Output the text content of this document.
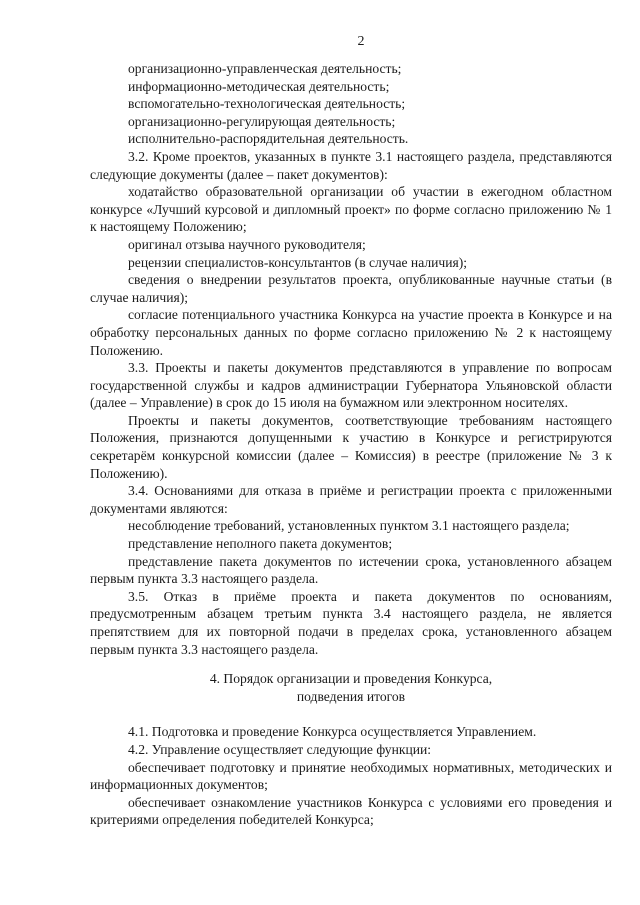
2

организационно-управленческая деятельность;

информационно-методическая деятельность;

вспомогательно-технологическая деятельность;

организационно-регулирующая деятельность;

исполнительно-распорядительная деятельность.

3.2. Кроме проектов, указанных в пункте 3.1 настоящего раздела, представляются следующие документы (далее – пакет документов):

ходатайство образовательной организации об участии в ежегодном областном конкурсе «Лучший курсовой и дипломный проект» по форме согласно приложению № 1 к настоящему Положению;

оригинал отзыва научного руководителя;

рецензии специалистов-консультантов (в случае наличия);

сведения о внедрении результатов проекта, опубликованные научные статьи (в случае наличия);

согласие потенциального участника Конкурса на участие проекта в Конкурсе и на обработку персональных данных по форме согласно приложению № 2 к настоящему Положению.

3.3. Проекты и пакеты документов представляются в управление по вопросам государственной службы и кадров администрации Губернатора Ульяновской области (далее – Управление) в срок до 15 июля на бумажном или электронном носителях.

Проекты и пакеты документов, соответствующие требованиям настоящего Положения, признаются допущенными к участию в Конкурсе и регистрируются секретарём конкурсной комиссии (далее – Комиссия) в реестре (приложение № 3 к Положению).

3.4. Основаниями для отказа в приёме и регистрации проекта с приложенными документами являются:

несоблюдение требований, установленных пунктом 3.1 настоящего раздела;

представление неполного пакета документов;

представление пакета документов по истечении срока, установленного абзацем первым пункта 3.3 настоящего раздела.

3.5. Отказ в приёме проекта и пакета документов по основаниям, предусмотренным абзацем третьим пункта 3.4 настоящего раздела, не является препятствием для их повторной подачи в пределах срока, установленного абзацем первым пункта 3.3 настоящего раздела.

4. Порядок организации и проведения Конкурса,
подведения итогов

4.1. Подготовка и проведение Конкурса осуществляется Управлением.

4.2. Управление осуществляет следующие функции:

обеспечивает подготовку и принятие необходимых нормативных, методических и информационных документов;

обеспечивает ознакомление участников Конкурса с условиями его проведения и критериями определения победителей Конкурса;
